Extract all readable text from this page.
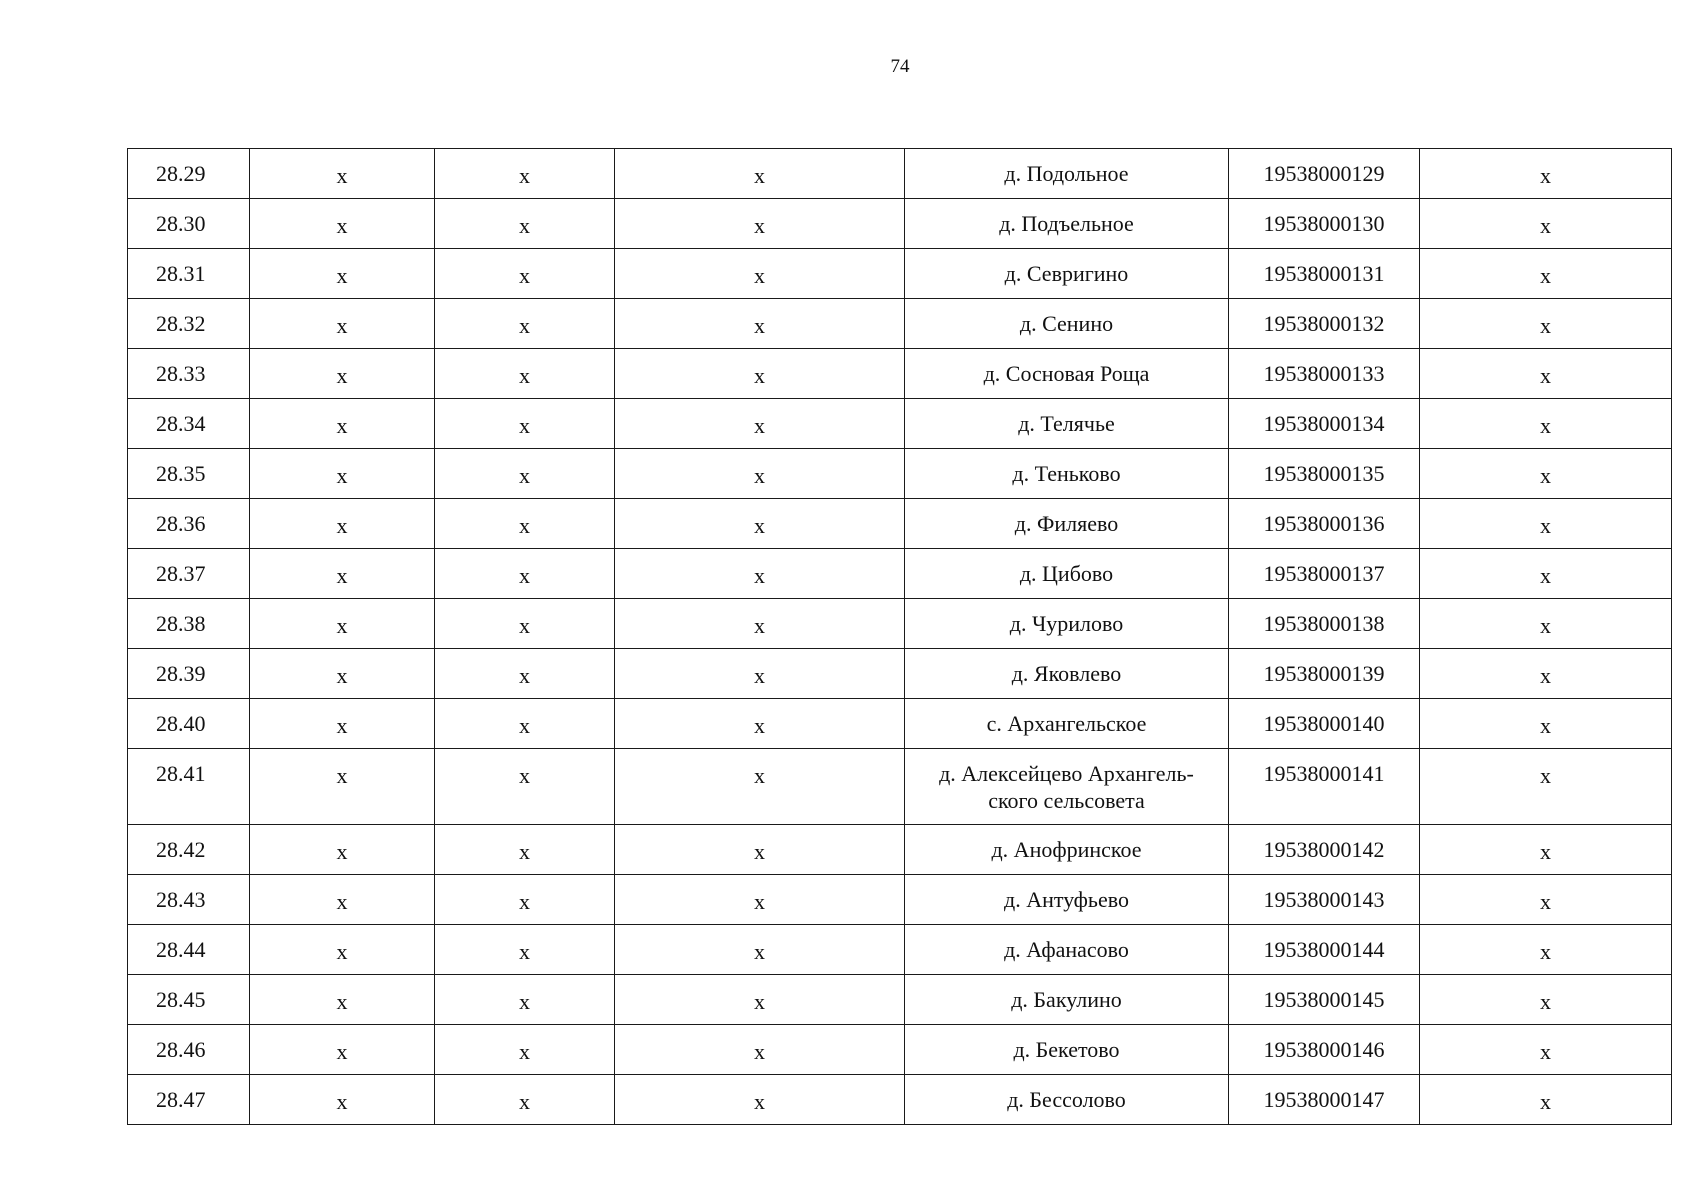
74
28.29	x	x	x	д. Подольное	19538000129	x

28.30	x	x	x	д. Подъельное	19538000130	x

28.31	x	x	x	д. Севригино	19538000131	x

28.32	x	x	x	д. Сенино	19538000132	x

28.33	x	x	x	д. Сосновая Роща	19538000133	x

28.34	x	x	x	д. Телячье	19538000134	x

28.35	x	x	x	д. Теньково	19538000135	x

28.36	x	x	x	д. Филяево	19538000136	x

28.37	x	x	x	д. Цибово	19538000137	x

28.38	x	x	x	д. Чурилово	19538000138	x

28.39	x	x	x	д. Яковлево	19538000139	x

28.40	x	x	x	с. Архангельское	19538000140	x

28.41	x	x	x	д. Алексейцево Архангель-
ского сельсовета	19538000141	x

28.42	x	x	x	д. Анофринское	19538000142	x

28.43	x	x	x	д. Антуфьево	19538000143	x

28.44	x	x	x	д. Афанасово	19538000144	x

28.45	x	x	x	д. Бакулино	19538000145	x

28.46	x	x	x	д. Бекетово	19538000146	x

28.47	x	x	x	д. Бессолово	19538000147	x
